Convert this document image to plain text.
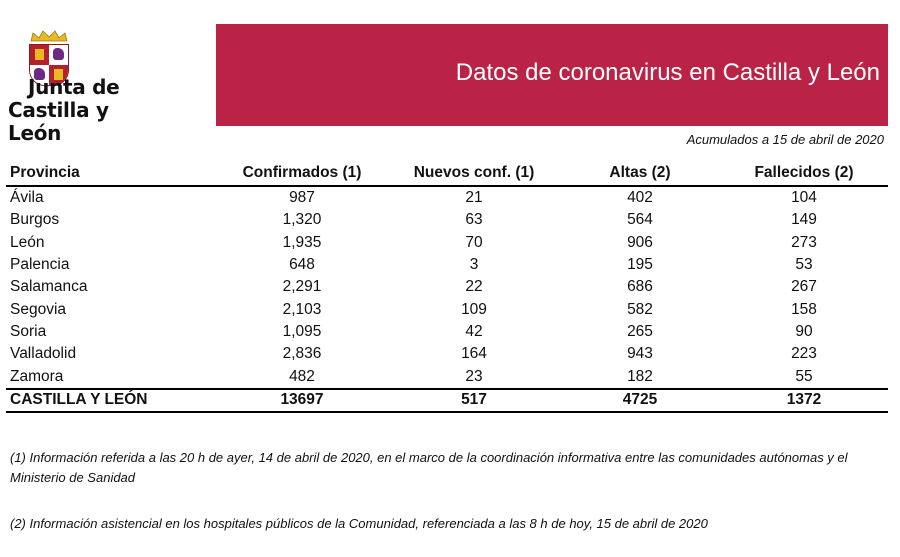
Junta de
Castilla y León
Datos de coronavirus en Castilla y León
Acumulados a 15 de abril de 2020
Provincia	Confirmados (1)	Nuevos conf. (1)	Altas (2)	Fallecidos (2)
Ávila	987	21	402	104
Burgos	1,320	63	564	149
León	1,935	70	906	273
Palencia	648	3	195	53
Salamanca	2,291	22	686	267
Segovia	2,103	109	582	158
Soria	1,095	42	265	90
Valladolid	2,836	164	943	223
Zamora	482	23	182	55
CASTILLA Y LEÓN	13697	517	4725	1372
(1) Información referida a las 20 h de ayer, 14 de abril de 2020, en el marco de la coordinación informativa entre las comunidades autónomas y el Ministerio de Sanidad
(2) Información asistencial en los hospitales públicos de la Comunidad, referenciada a las 8 h de hoy, 15 de abril de 2020
